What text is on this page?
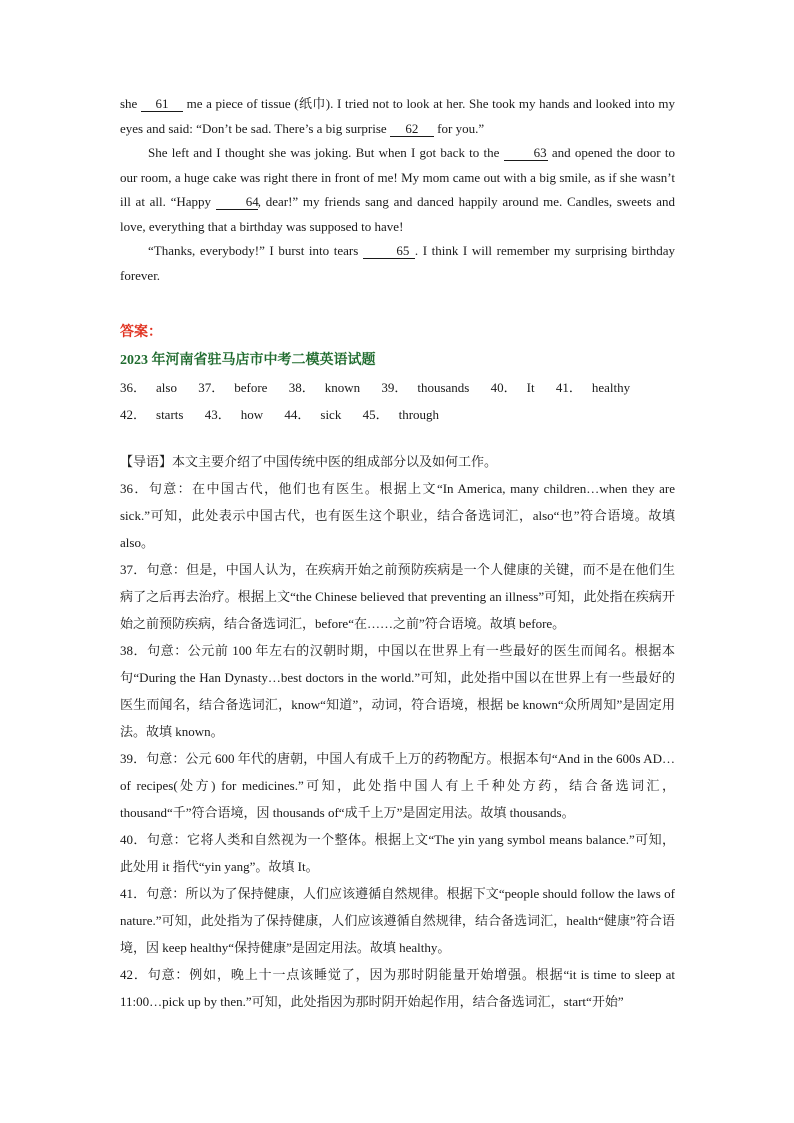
she 61 me a piece of tissue (纸巾). I tried not to look at her. She took my hands and looked into my eyes and said: “Don’t be sad. There’s a big surprise 62 for you.”

She left and I thought she was joking. But when I got back to the 63 and opened the door to our room, a huge cake was right there in front of me! My mom came out with a big smile, as if she wasn’t ill at all. “Happy 64, dear!” my friends sang and danced happily around me. Candles, sweets and love, everything that a birthday was supposed to have!

“Thanks, everybody!” I burst into tears	65 . I think I will remember my surprising birthday forever.

答案：
2023 年河南省驻马店市中考二模英语试题
36． also 37． before 38． known 39． thousands 40． It 41． healthy
42． starts 43． how 44． sick 45． through

【导语】本文主要介绍了中国传统中医的组成部分以及如何工作。

36．句意：在中国古代，他们也有医生。根据上文“In America, many children…when they are sick.”可知，此处表示中国古代，也有医生这个职业，结合备选词汇，also“也”符合语境。故填 also。

37．句意：但是，中国人认为，在疾病开始之前预防疾病是一个人健康的关键，而不是在他们生病了之后再去治疗。根据上文“the Chinese believed that preventing an illness”可知，此处指在疾病开始之前预防疾病，结合备选词汇，before“在……之前”符合语境。故填 before。

38．句意：公元前 100 年左右的汉朝时期，中国以在世界上有一些最好的医生而闻名。根据本句“During the Han Dynasty…best doctors in the world.”可知，此处指中国以在世界上有一些最好的医生而闻名，结合备选词汇，know“知道”，动词，符合语境，根据 be known“众所周知”是固定用法。故填 known。

39．句意：公元 600 年代的唐朝，中国人有成千上万的药物配方。根据本句“And in the 600s AD…of recipes(处方) for medicines.”可知，此处指中国人有上千种处方药，结合备选词汇，thousand“千”符合语境，因 thousands of“成千上万”是固定用法。故填 thousands。

40．句意：它将人类和自然视为一个整体。根据上文“The yin yang symbol means balance.”可知，此处用 it 指代“yin yang”。故填 It。

41．句意：所以为了保持健康，人们应该遵循自然规律。根据下文“people should follow the laws of nature.”可知，此处指为了保持健康，人们应该遵循自然规律，结合备选词汇，health“健康”符合语境，因 keep healthy“保持健康”是固定用法。故填 healthy。

42．句意：例如，晚上十一点该睡觉了，因为那时阴能量开始增强。根据“it is time to sleep at 11:00…pick up by then.”可知，此处指因为那时阴开始起作用，结合备选词汇，start“开始”
